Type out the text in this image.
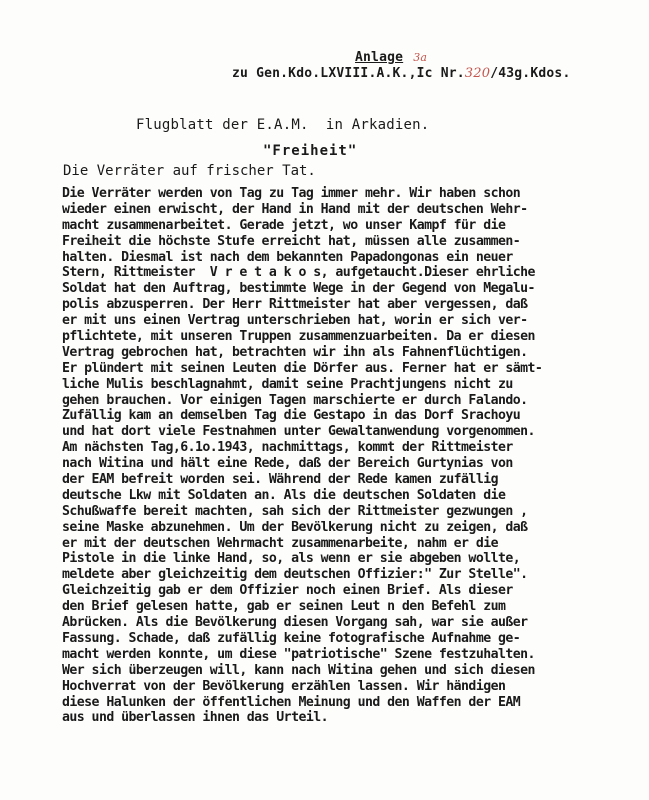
Anlage 3a
zu Gen.Kdo.LXVIII.A.K.,Ic Nr.320/43g.Kdos.
Flugblatt der E.A.M.  in Arkadien.
"Freiheit"
Die Verräter auf frischer Tat.
Die Verräter werden von Tag zu Tag immer mehr. Wir haben schon
wieder einen erwischt, der Hand in Hand mit der deutschen Wehr-
macht zusammenarbeitet. Gerade jetzt, wo unser Kampf für die
Freiheit die höchste Stufe erreicht hat, müssen alle zusammen-
halten. Diesmal ist nach dem bekannten Papadongonas ein neuer
Stern, Rittmeister  V r e t a k o s, aufgetaucht.Dieser ehrliche
Soldat hat den Auftrag, bestimmte Wege in der Gegend von Megalu-
polis abzusperren. Der Herr Rittmeister hat aber vergessen, daß
er mit uns einen Vertrag unterschrieben hat, worin er sich ver-
pflichtete, mit unseren Truppen zusammenzuarbeiten. Da er diesen
Vertrag gebrochen hat, betrachten wir ihn als Fahnenflüchtigen.
Er plündert mit seinen Leuten die Dörfer aus. Ferner hat er sämt-
liche Mulis beschlagnahmt, damit seine Prachtjungens nicht zu
gehen brauchen. Vor einigen Tagen marschierte er durch Falando.
Zufällig kam an demselben Tag die Gestapo in das Dorf Srachoyu
und hat dort viele Festnahmen unter Gewaltanwendung vorgenommen.
Am nächsten Tag,6.1o.1943, nachmittags, kommt der Rittmeister
nach Witina und hält eine Rede, daß der Bereich Gurtynias von
der EAM befreit worden sei. Während der Rede kamen zufällig
deutsche Lkw mit Soldaten an. Als die deutschen Soldaten die
Schußwaffe bereit machten, sah sich der Rittmeister gezwungen ,
seine Maske abzunehmen. Um der Bevölkerung nicht zu zeigen, daß
er mit der deutschen Wehrmacht zusammenarbeite, nahm er die
Pistole in die linke Hand, so, als wenn er sie abgeben wollte,
meldete aber gleichzeitig dem deutschen Offizier:" Zur Stelle".
Gleichzeitig gab er dem Offizier noch einen Brief. Als dieser
den Brief gelesen hatte, gab er seinen Leut n den Befehl zum
Abrücken. Als die Bevölkerung diesen Vorgang sah, war sie außer
Fassung. Schade, daß zufällig keine fotografische Aufnahme ge-
macht werden konnte, um diese "patriotische" Szene festzuhalten.
Wer sich überzeugen will, kann nach Witina gehen und sich diesen
Hochverrat von der Bevölkerung erzählen lassen. Wir händigen
diese Halunken der öffentlichen Meinung und den Waffen der EAM
aus und überlassen ihnen das Urteil.
